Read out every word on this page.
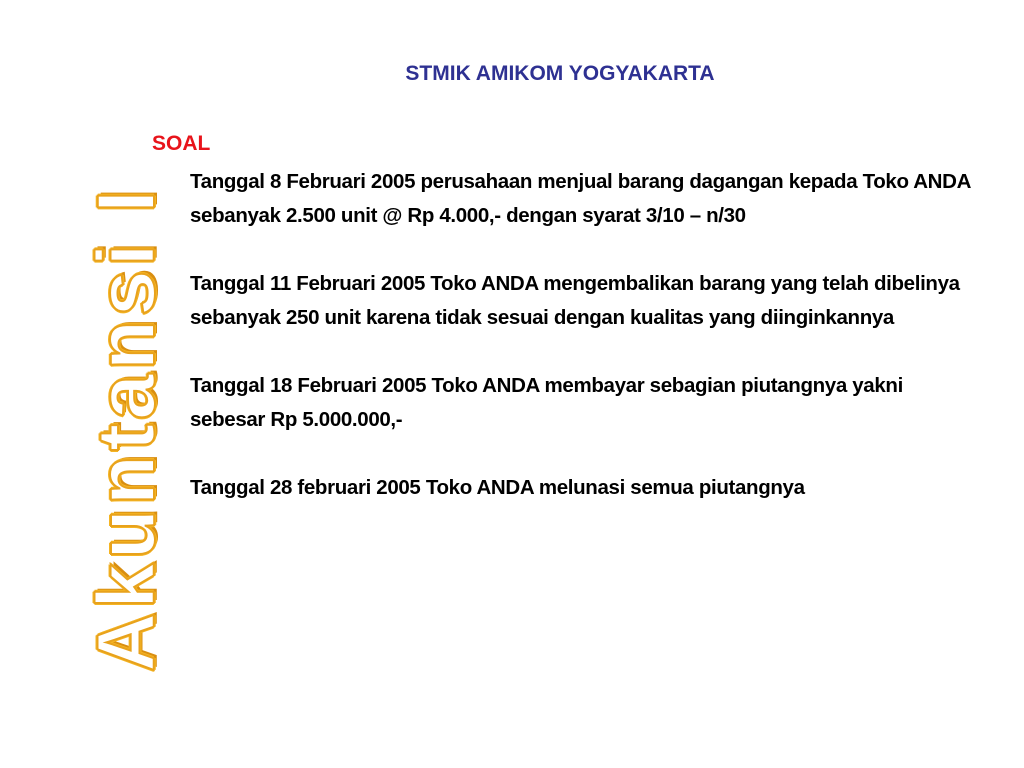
Akuntansi I
STMIK AMIKOM YOGYAKARTA
SOAL

Tanggal 8 Februari 2005 perusahaan menjual barang dagangan kepada Toko ANDA sebanyak 2.500 unit @ Rp 4.000,- dengan syarat 3/10 – n/30

Tanggal 11 Februari 2005 Toko ANDA mengembalikan barang yang telah dibelinya sebanyak 250 unit karena tidak sesuai dengan kualitas yang diinginkannya

Tanggal 18 Februari 2005 Toko ANDA membayar sebagian piutangnya yakni sebesar Rp 5.000.000,-

Tanggal 28 februari 2005 Toko ANDA melunasi semua piutangnya
